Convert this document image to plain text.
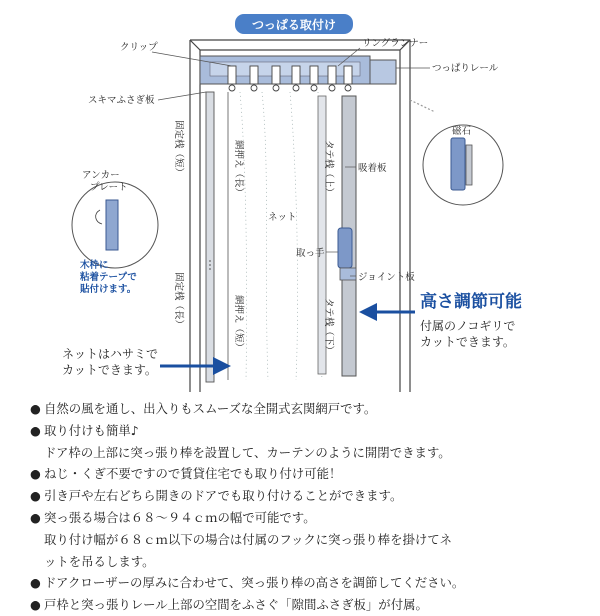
つっぱる取付け
クリップ	リングランナー
つっぱりレール
スキマふさぎ板
固定桟（短）	網押え（長）	タテ桟（上）
固定桟（長）	網押え（短）	タテ桟（下）
吸着板
磁石
ネット
取っ手
ジョイント板
アンカー プレート
木枠に 粘着テープで 貼付けます。
高さ調節可能
付属のノコギリで カットできます。
ネットはハサミで カットできます。
● 自然の風を通し、出入りもスムーズな全開式玄関網戸です。
● 取り付けも簡単♪
ドア枠の上部に突っ張り棒を設置して、カーテンのように開閉できます。
● ねじ・くぎ不要ですので賃貸住宅でも取り付け可能！
● 引き戸や左右どちら開きのドアでも取り付けることができます。
● 突っ張る場合は６８～９４ｃｍの幅で可能です。
取り付け幅が６８ｃｍ以下の場合は付属のフックに突っ張り棒を掛けてネ
ットを吊るします。
● ドアクローザーの厚みに合わせて、突っ張り棒の高さを調節してください。
● 戸枠と突っ張りレール上部の空間をふさぐ「隙間ふさぎ板」が付属。
